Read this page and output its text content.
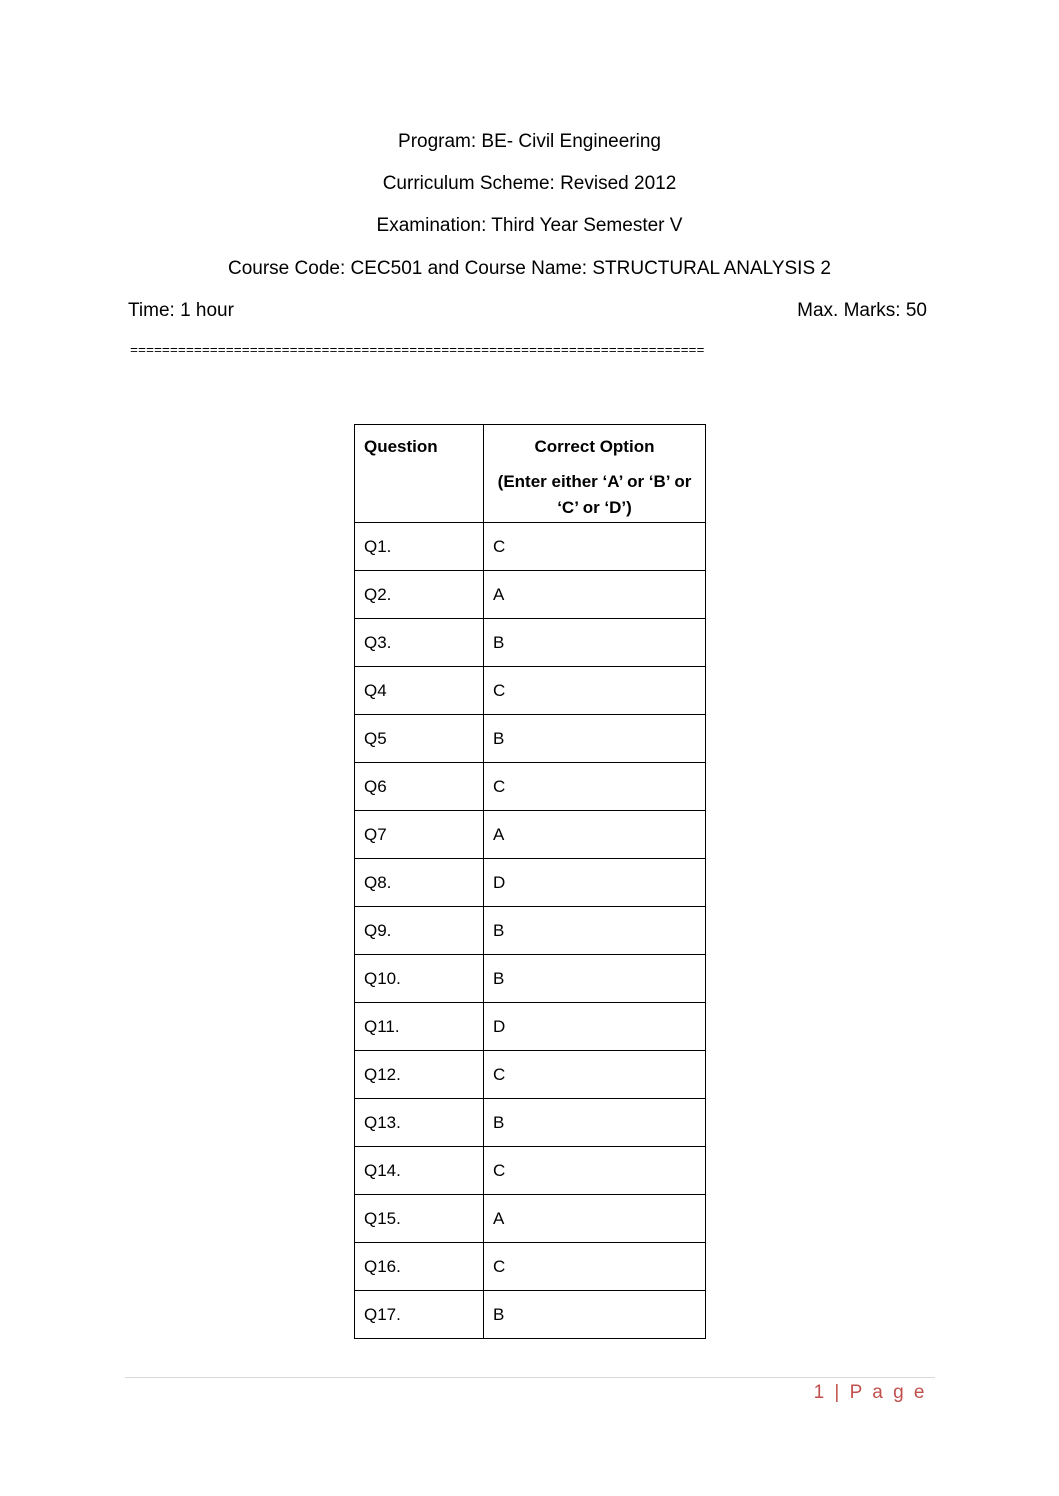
Program: BE- Civil Engineering
Curriculum Scheme: Revised 2012
Examination: Third Year Semester V
Course Code: CEC501 and Course Name: STRUCTURAL ANALYSIS 2
Time: 1 hour	Max. Marks: 50
========================================================================
Question	Correct Option
(Enter either ‘A’ or ‘B’ or ‘C’ or ‘D’)

Q1.	C
Q2.	A
Q3.	B
Q4	C
Q5	B
Q6	C
Q7	A
Q8.	D
Q9.	B
Q10.	B
Q11.	D
Q12.	C
Q13.	B
Q14.	C
Q15.	A
Q16.	C
Q17.	B
1 | P a g e
